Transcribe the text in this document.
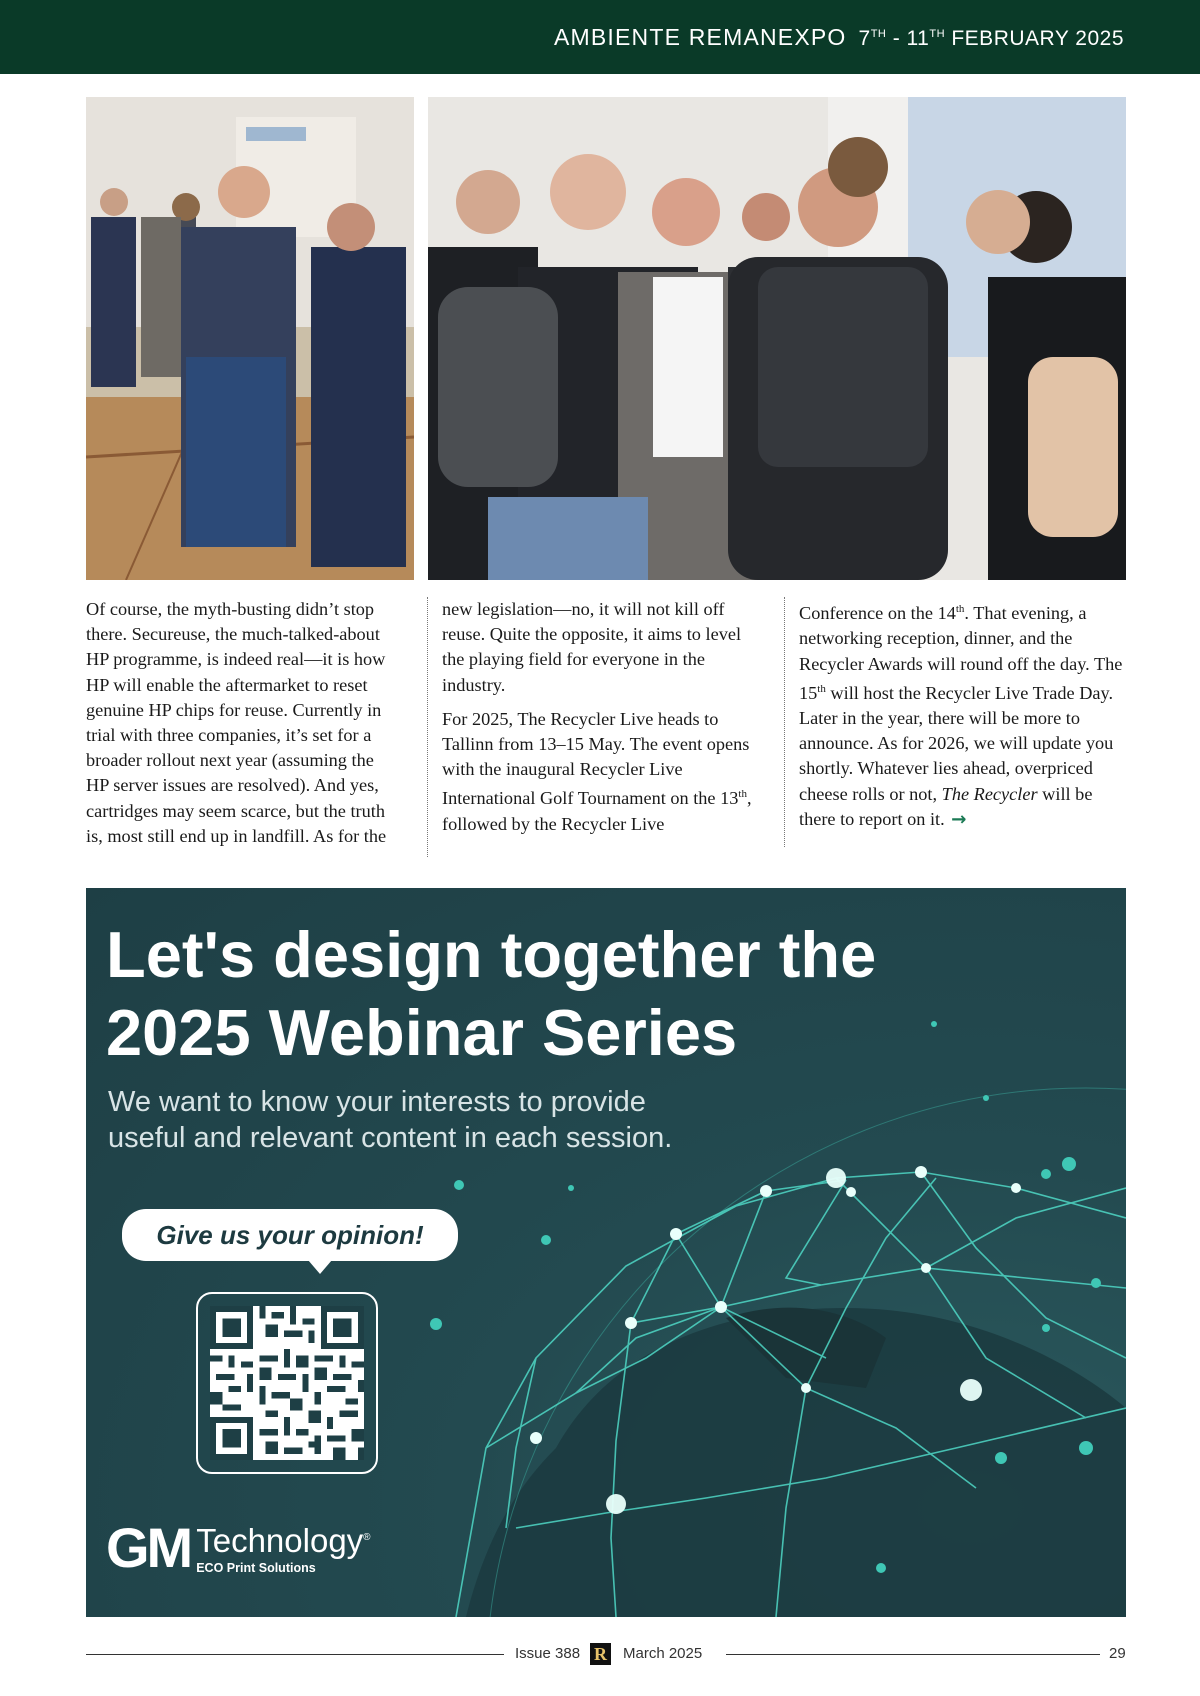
AMBIENTE REMANEXPO 7TH - 11TH FEBRUARY 2025

Of course, the myth-busting didn’t stop there. Secureuse, the much-talked-about HP programme, is indeed real—it is how HP will enable the aftermarket to reset genuine HP chips for reuse. Currently in trial with three companies, it’s set for a broader rollout next year (assuming the HP server issues are resolved). And yes, cartridges may seem scarce, but the truth is, most still end up in landfill. As for the

new legislation—no, it will not kill off reuse. Quite the opposite, it aims to level the playing field for everyone in the industry.

For 2025, The Recycler Live heads to Tallinn from 13–15 May. The event opens with the inaugural Recycler Live International Golf Tournament on the 13th, followed by the Recycler Live

Conference on the 14th. That evening, a networking reception, dinner, and the Recycler Awards will round off the day. The 15th will host the Recycler Live Trade Day. Later in the year, there will be more to announce. As for 2026, we will update you shortly. Whatever lies ahead, overpriced cheese rolls or not, The Recycler will be there to report on it. →

Let's design together the
2025 Webinar Series
We want to know your interests to provide
useful and relevant content in each session.
Give us your opinion!
GM Technology®
ECO Print Solutions
Issue 388 R March 2025	29
